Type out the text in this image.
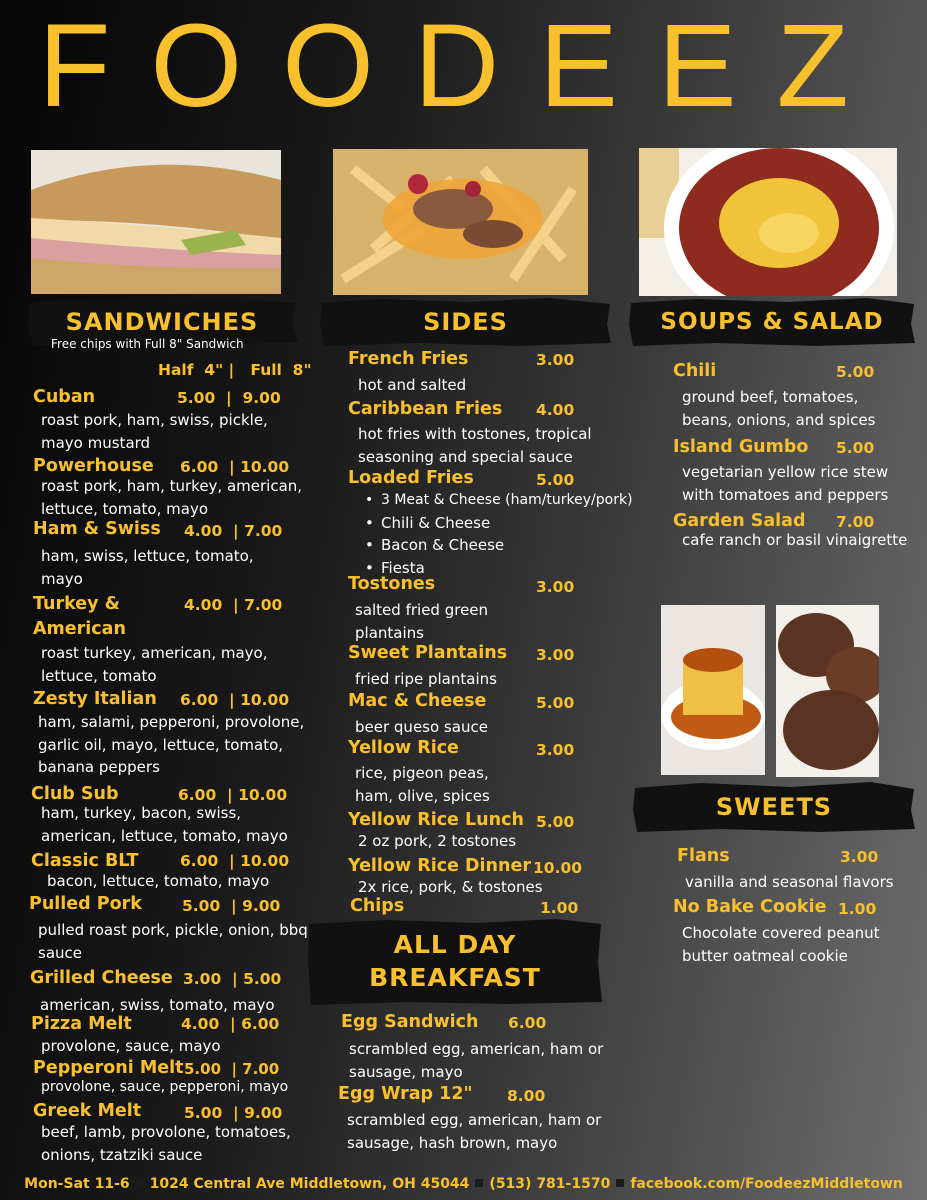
FOODEEZ
SANDWICHES	SIDES	SOUPS & SALAD
SWEETS
ALL DAY
BREAKFAST
Free chips with Full 8" Sandwich
Half  4" |   Full  8"
Cuban	5.00  |  9.00
roast pork, ham, swiss, pickle, mayo mustard
Powerhouse 6.00  | 10.00
roast pork, ham, turkey, american, lettuce, tomato, mayo
Ham & Swiss 4.00  | 7.00
ham, swiss, lettuce, tomato, mayo
Turkey & American
4.00  | 7.00
roast turkey, american, mayo, lettuce, tomato
Zesty Italian 6.00  | 10.00
ham, salami, pepperoni, provolone, garlic oil, mayo, lettuce, tomato, banana peppers
Club Sub	6.00  | 10.00
ham, turkey, bacon, swiss, american, lettuce, tomato, mayo
Classic BLT	6.00  | 10.00
bacon, lettuce, tomato, mayo
Pulled Pork	5.00  | 9.00
pulled roast pork, pickle, onion, bbq sauce
Grilled Cheese 3.00  | 5.00
american, swiss, tomato, mayo
Pizza Melt	4.00  | 6.00
provolone, sauce, mayo
Pepperoni Melt 5.00  | 7.00
provolone, sauce, pepperoni, mayo
Greek Melt	5.00  | 9.00
beef, lamb, provolone, tomatoes, onions, tzatziki sauce
French Fries	3.00
hot and salted
Caribbean Fries 4.00
hot fries with tostones, tropical seasoning and special sauce
Loaded Fries	5.00
• 3 Meat & Cheese (ham/turkey/pork)
• Chili & Cheese
• Bacon & Cheese
• Fiesta
Tostones	3.00
salted fried green plantains
Sweet Plantains 3.00
fried ripe plantains
Mac & Cheese	5.00
beer queso sauce
Yellow Rice	3.00
rice, pigeon peas, ham, olive, spices
Yellow Rice Lunch 5.00
2 oz pork, 2 tostones
Yellow Rice Dinner 10.00
2x rice, pork, & tostones
Chips	1.00
Egg Sandwich 6.00
scrambled egg, american, ham or sausage, mayo
Egg Wrap 12" 8.00
scrambled egg, american, ham or sausage, hash brown, mayo
Chili	5.00
ground beef, tomatoes, beans, onions, and spices
Island Gumbo 5.00
vegetarian yellow rice stew with tomatoes and peppers
Garden Salad 7.00
cafe ranch or basil vinaigrette
Flans	3.00
vanilla and seasonal flavors
No Bake Cookie 1.00
Chocolate covered peanut butter oatmeal cookie
Mon-Sat 11-6 1024 Central Ave Middletown, OH 45044 (513) 781-1570 facebook.com/FoodeezMiddletown
